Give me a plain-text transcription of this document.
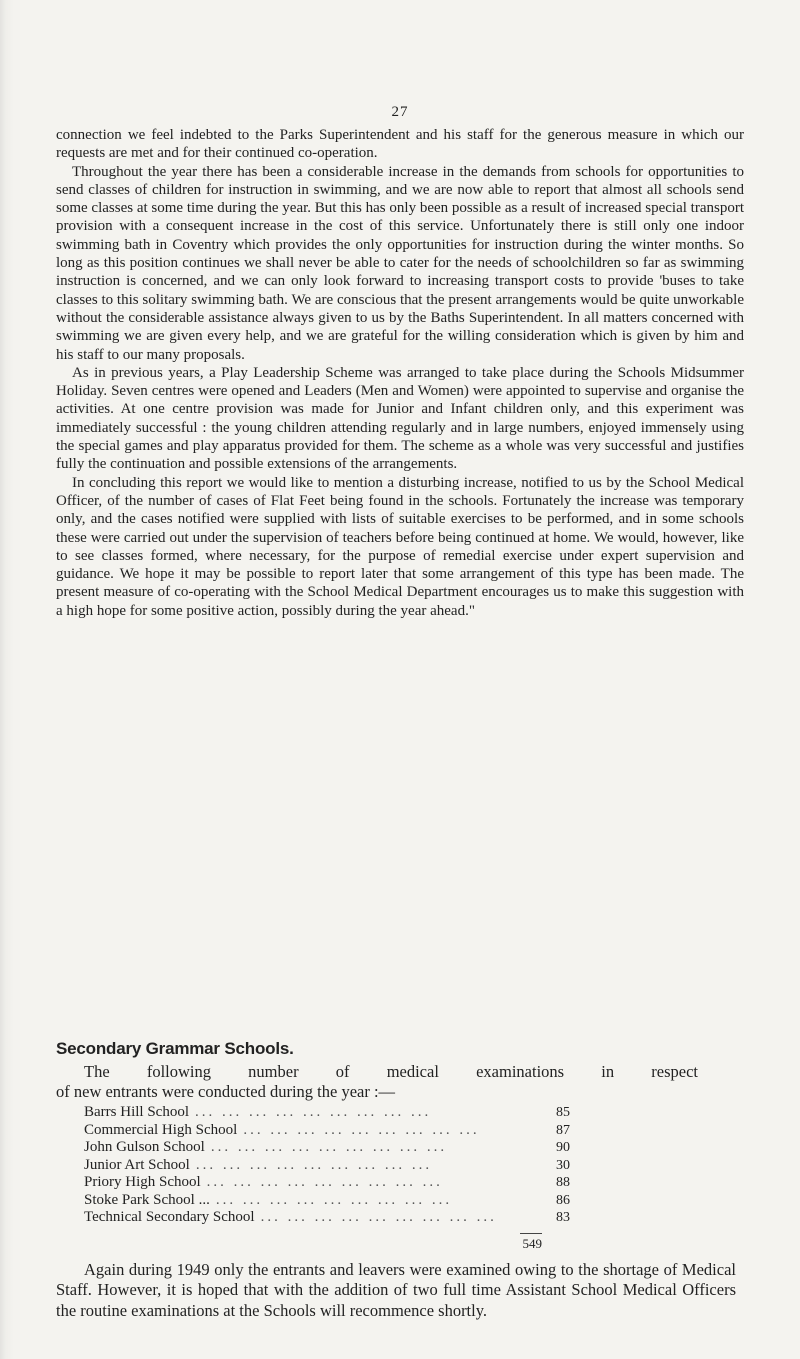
27

connection we feel indebted to the Parks Superintendent and his staff for the generous measure in which our requests are met and for their continued co-operation.

Throughout the year there has been a considerable increase in the demands from schools for opportunities to send classes of children for instruction in swimming, and we are now able to report that almost all schools send some classes at some time during the year. But this has only been possible as a result of increased special transport provision with a consequent increase in the cost of this service. Unfortunately there is still only one indoor swimming bath in Coventry which provides the only opportunities for instruction during the winter months. So long as this position continues we shall never be able to cater for the needs of schoolchildren so far as swimming instruction is concerned, and we can only look forward to increasing transport costs to provide 'buses to take classes to this solitary swimming bath. We are conscious that the present arrangements would be quite unworkable without the considerable assistance always given to us by the Baths Superintendent. In all matters concerned with swimming we are given every help, and we are grateful for the willing consideration which is given by him and his staff to our many proposals.

As in previous years, a Play Leadership Scheme was arranged to take place during the Schools Midsummer Holiday. Seven centres were opened and Leaders (Men and Women) were appointed to supervise and organise the activities. At one centre provision was made for Junior and Infant children only, and this experiment was immediately successful : the young children attending regularly and in large numbers, enjoyed immensely using the special games and play apparatus provided for them. The scheme as a whole was very successful and justifies fully the continuation and possible extensions of the arrangements.

In concluding this report we would like to mention a disturbing increase, notified to us by the School Medical Officer, of the number of cases of Flat Feet being found in the schools. Fortunately the increase was temporary only, and the cases notified were supplied with lists of suitable exercises to be performed, and in some schools these were carried out under the supervision of teachers before being continued at home. We would, however, like to see classes formed, where necessary, for the purpose of remedial exercise under expert supervision and guidance. We hope it may be possible to report later that some arrangement of this type has been made. The present measure of co-operating with the School Medical Department encourages us to make this suggestion with a high hope for some positive action, possibly during the year ahead."

Secondary Grammar Schools.

The following number of medical examinations in respect

of new entrants were conducted during the year :—

Barrs Hill School ... ... ... ... ... ... ... ... ...	85
Commercial High School ... ... ... ... ... ... ... ... ...	87
John Gulson School ... ... ... ... ... ... ... ... ...	90
Junior Art School ... ... ... ... ... ... ... ... ...	30
Priory High School ... ... ... ... ... ... ... ... ...	88
Stoke Park School ... ... ... ... ... ... ... ... ... ...	86
Technical Secondary School ... ... ... ... ... ... ... ... ...	83
549

Again during 1949 only the entrants and leavers were examined owing to the shortage of Medical Staff. However, it is hoped that with the addition of two full time Assistant School Medical Officers the routine examinations at the Schools will recommence shortly.
